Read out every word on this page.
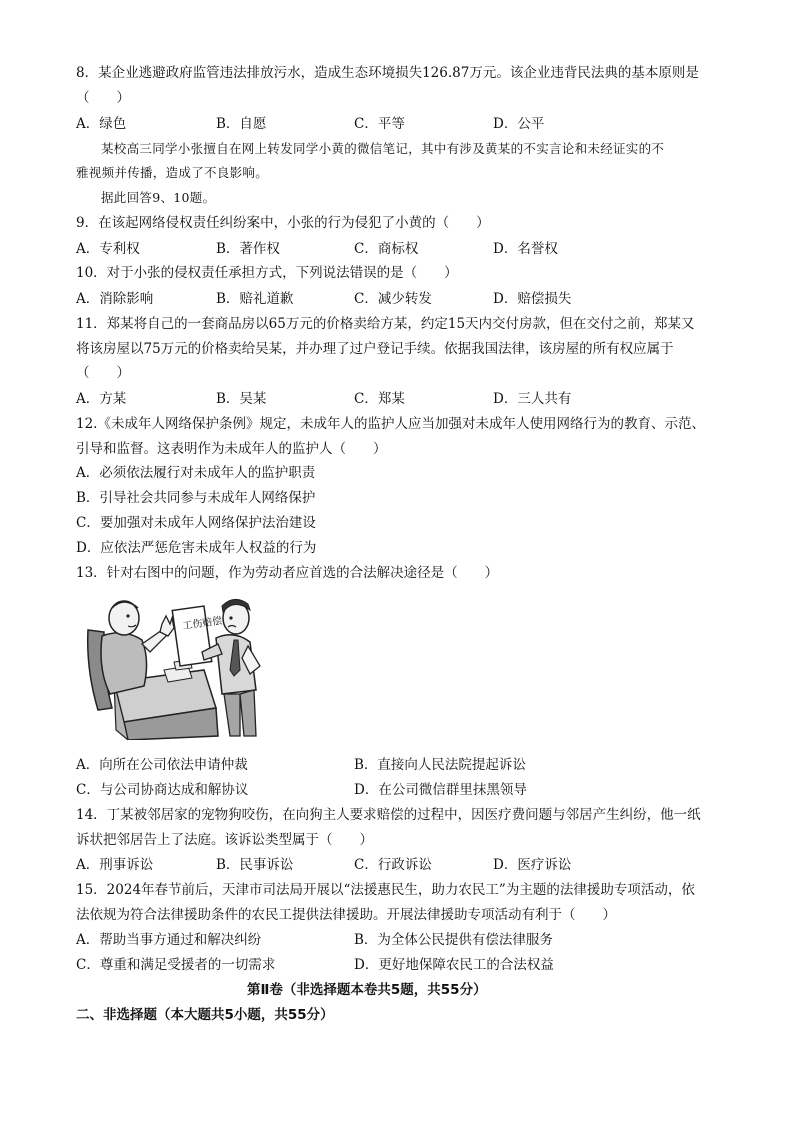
8．某企业逃避政府监管违法排放污水，造成生态环境损失126.87万元。该企业违背民法典的基本原则是
（　　）
A．绿色	B．自愿	C．平等	D．公平
某校高三同学小张擅自在网上转发同学小黄的微信笔记，其中有涉及黄某的不实言论和未经证实的不
雅视频并传播，造成了不良影响。
据此回答9、10题。
9．在该起网络侵权责任纠纷案中，小张的行为侵犯了小黄的（　　）
A．专利权	B．著作权	C．商标权	D．名誉权
10．对于小张的侵权责任承担方式，下列说法错误的是（　　）
A．消除影响	B．赔礼道歉	C．减少转发	D．赔偿损失
11．郑某将自己的一套商品房以65万元的价格卖给方某，约定15天内交付房款，但在交付之前，郑某又
将该房屋以75万元的价格卖给吴某，并办理了过户登记手续。依据我国法律，该房屋的所有权应属于
（　　）
A．方某	B．吴某	C．郑某	D．三人共有
12.《未成年人网络保护条例》规定，未成年人的监护人应当加强对未成年人使用网络行为的教育、示范、
引导和监督。这表明作为未成年人的监护人（　　）
A．必须依法履行对未成年人的监护职责
B．引导社会共同参与未成年人网络保护
C．要加强对未成年人网络保护法治建设
D．应依法严惩危害未成年人权益的行为
13．针对右图中的问题，作为劳动者应首选的合法解决途径是（　　）
工伤赔偿
A．向所在公司依法申请仲裁	B．直接向人民法院提起诉讼
C．与公司协商达成和解协议	D．在公司微信群里抹黑领导
14．丁某被邻居家的宠物狗咬伤，在向狗主人要求赔偿的过程中，因医疗费问题与邻居产生纠纷，他一纸
诉状把邻居告上了法庭。该诉讼类型属于（　　）
A．刑事诉讼	B．民事诉讼	C．行政诉讼	D．医疗诉讼
15．2024年春节前后，天津市司法局开展以“法援惠民生，助力农民工”为主题的法律援助专项活动，依
法依规为符合法律援助条件的农民工提供法律援助。开展法律援助专项活动有利于（　　）
A．帮助当事方通过和解决纠纷	B．为全体公民提供有偿法律服务
C．尊重和满足受援者的一切需求	D．更好地保障农民工的合法权益
第Ⅱ卷（非选择题本卷共5题，共55分）
二、非选择题（本大题共5小题，共55分）
